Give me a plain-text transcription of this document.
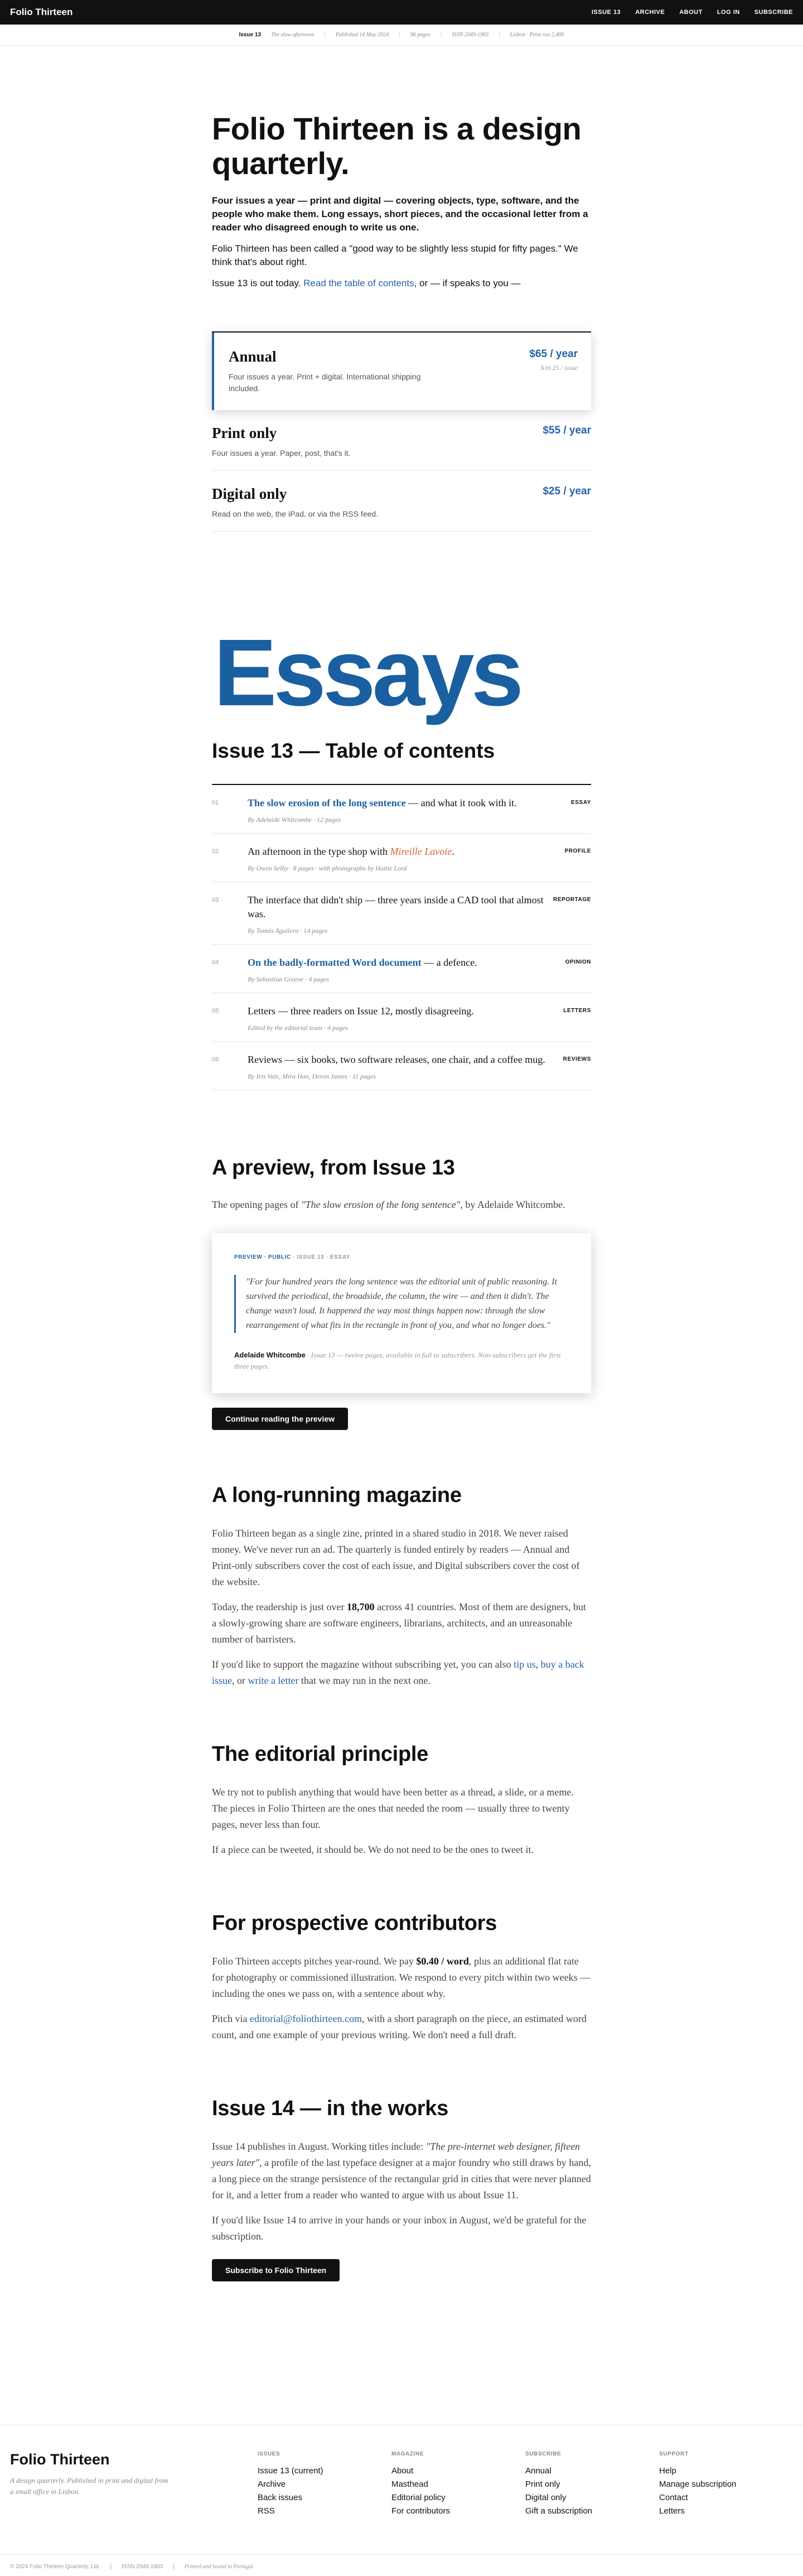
Folio Thirteen	ISSUE 13 ARCHIVE ABOUT LOG IN SUBSCRIBE
Issue 13 The slow afternoon | Published 14 May 2024 | 96 pages | ISSN 2049-1903 | Lisbon · Print run 2,400
Folio Thirteen is a design quarterly.

Four issues a year — print and digital — covering objects, type, software, and the people who make them. Long essays, short pieces, and the occasional letter from a reader who disagreed enough to write us one.

Folio Thirteen has been called a "good way to be slightly less stupid for fifty pages." We think that's about right.

Issue 13 is out today. Read the table of contents, or — if speaks to you —

Annual
Four issues a year. Print + digital. International shipping included.
$65 / year
$16.25 / issue
Print only
Four issues a year. Paper, post, that's it.
$55 / year
Digital only
Read on the web, the iPad, or via the RSS feed.
$25 / year
Essays
Issue 13 — Table of contents
01	The slow erosion of the long sentence — and what it took with it.
By Adelaide Whitcombe · 12 pages
ESSAY
02	An afternoon in the type shop with Mireille Lavoie.
By Owen Selby · 8 pages · with photographs by Hattie Lord
PROFILE
03	The interface that didn't ship — three years inside a CAD tool that almost was.
By Tomás Aguilera · 14 pages
REPORTAGE
04	On the badly-formatted Word document — a defence.
By Sebastian Greene · 4 pages
OPINION
05	Letters — three readers on Issue 12, mostly disagreeing.
Edited by the editorial team · 4 pages
LETTERS
06	Reviews — six books, two software releases, one chair, and a coffee mug.
By Iris Vale, Mira Han, Deron James · 11 pages
REVIEWS
A preview, from Issue 13

The opening pages of "The slow erosion of the long sentence", by Adelaide Whitcombe.

PREVIEW · PUBLIC · ISSUE 13 · ESSAY
"For four hundred years the long sentence was the editorial unit of public reasoning. It survived the periodical, the broadside, the column, the wire — and then it didn't. The change wasn't loud. It happened the way most things happen now: through the slow rearrangement of what fits in the rectangle in front of you, and what no longer does."
Adelaide Whitcombe · Issue 13 — twelve pages, available in full to subscribers. Non-subscribers get the first three pages.
Continue reading the preview
A long-running magazine

Folio Thirteen began as a single zine, printed in a shared studio in 2018. We never raised money. We've never run an ad. The quarterly is funded entirely by readers — Annual and Print-only subscribers cover the cost of each issue, and Digital subscribers cover the cost of the website.

Today, the readership is just over 18,700 across 41 countries. Most of them are designers, but a slowly-growing share are software engineers, librarians, architects, and an unreasonable number of barristers.

If you'd like to support the magazine without subscribing yet, you can also tip us, buy a back issue, or write a letter that we may run in the next one.

The editorial principle

We try not to publish anything that would have been better as a thread, a slide, or a meme. The pieces in Folio Thirteen are the ones that needed the room — usually three to twenty pages, never less than four.

If a piece can be tweeted, it should be. We do not need to be the ones to tweet it.

For prospective contributors

Folio Thirteen accepts pitches year-round. We pay $0.40 / word, plus an additional flat rate for photography or commissioned illustration. We respond to every pitch within two weeks — including the ones we pass on, with a sentence about why.

Pitch via editorial@foliothirteen.com, with a short paragraph on the piece, an estimated word count, and one example of your previous writing. We don't need a full draft.

Issue 14 — in the works

Issue 14 publishes in August. Working titles include: "The pre-internet web designer, fifteen years later", a profile of the last typeface designer at a major foundry who still draws by hand, a long piece on the strange persistence of the rectangular grid in cities that were never planned for it, and a letter from a reader who wanted to argue with us about Issue 11.

If you'd like Issue 14 to arrive in your hands or your inbox in August, we'd be grateful for the subscription.

Subscribe to Folio Thirteen
Folio Thirteen
A design quarterly. Published in print and digital from a small office in Lisbon.
ISSUES
Issue 13 (current)
Archive
Back issues
RSS
MAGAZINE
About
Masthead
Editorial policy
For contributors
SUBSCRIBE
Annual
Print only
Digital only
Gift a subscription
SUPPORT
Help
Manage subscription
Contact
Letters
© 2024 Folio Thirteen Quarterly, Ltd. | ISSN 2049-1903 | Printed and bound in Portugal
